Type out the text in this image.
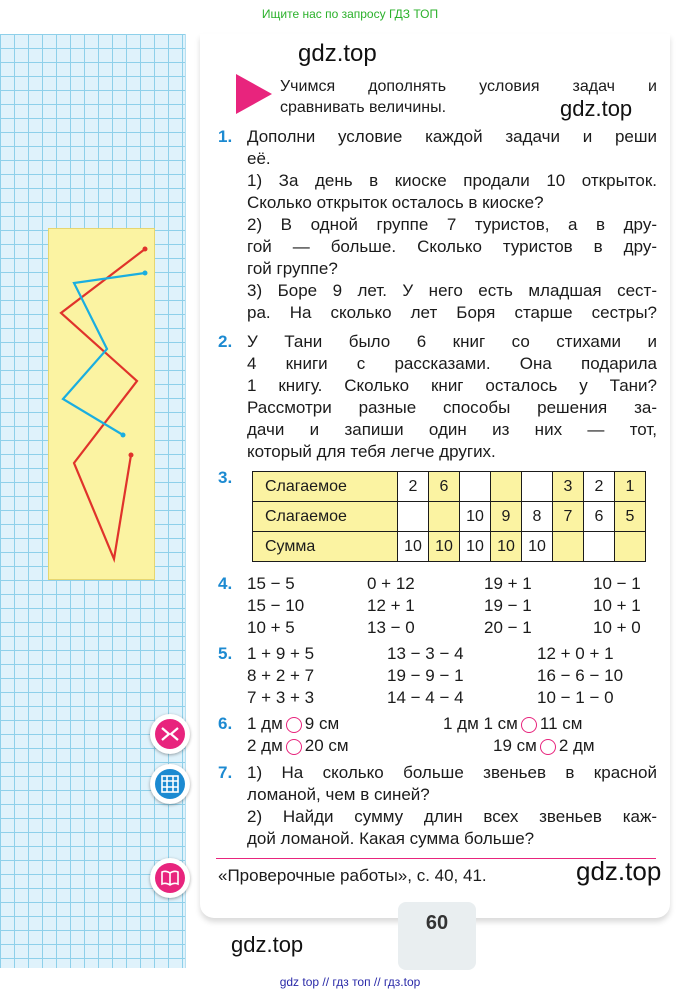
Ищите нас по запросу ГДЗ ТОП
gdz.top
Учимся дополнять условия задач и
сравнивать величины.	gdz.top
1. Дополни условие каждой задачи и реши
её.
1) За день в киоске продали 10 открыток.
Сколько открыток осталось в киоске?
2) В одной группе 7 туристов, а в дру-
гой — больше. Сколько туристов в дру-
гой группе?
3) Боре 9 лет. У него есть младшая сест-
ра. На сколько лет Боря старше сестры?
2. У Тани было 6 книг со стихами и
4 книги с рассказами. Она подарила
1 книгу. Сколько книг осталось у Тани?
Рассмотри разные способы решения за-
дачи и запиши один из них — тот,
который для тебя легче других.
3. Слагаемое	2	6				3	2	1
Слагаемое			10	9	8	7	6	5
Сумма	10	10	10	10	10			
4. 15 − 5	0 + 12	19 + 1	10 − 1
15 − 10	12 + 1	19 − 1	10 + 1
10 + 5	13 − 0	20 − 1	10 + 0
5. 1 + 9 + 5	13 − 3 − 4	12 + 0 + 1
8 + 2 + 7	19 − 9 − 1	16 − 6 − 10
7 + 3 + 3	14 − 4 − 4	10 − 1 − 0
6. 1 дм 9 см	1 дм 1 см 11 см
2 дм 20 см	19 см 2 дм
7. 1) На сколько больше звеньев в красной
ломаной, чем в синей?
2) Найди сумму длин всех звеньев каж-
дой ломаной. Какая сумма больше?
«Проверочные работы», с. 40, 41.	gdz.top
60
gdz.top
gdz top // гдз топ // гдз.top
